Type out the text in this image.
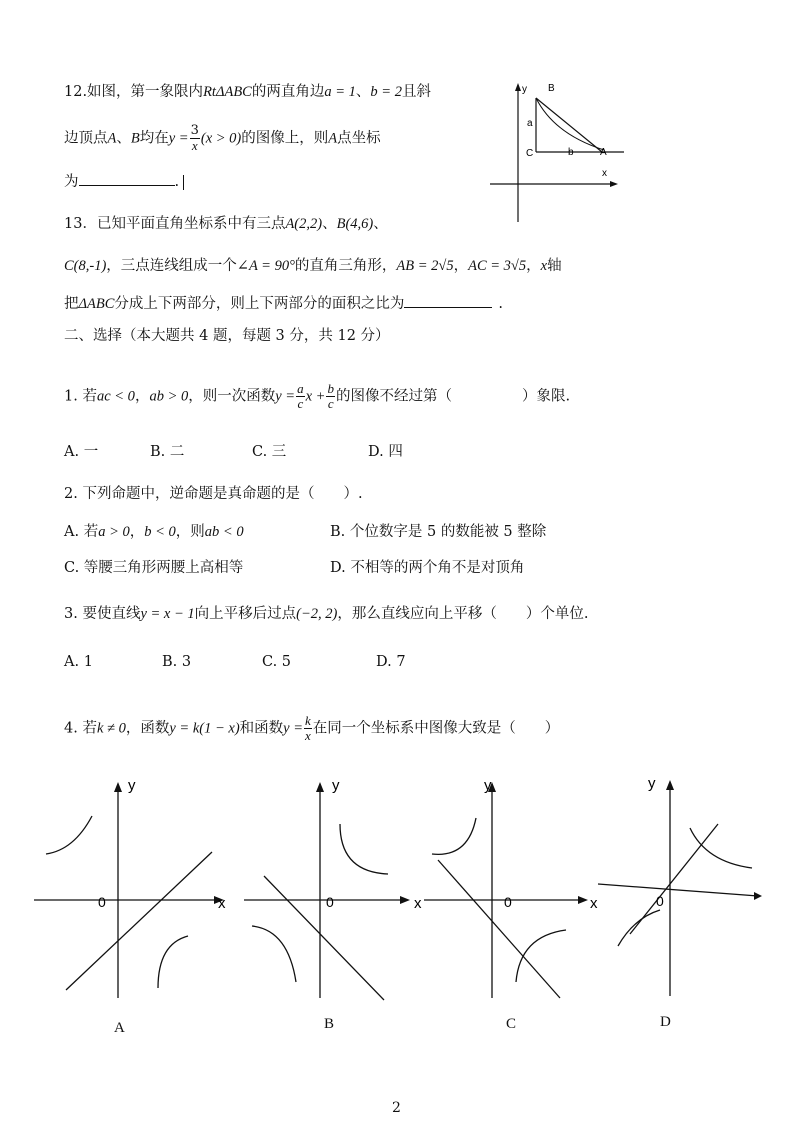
12.如图，第一象限内RtΔABC的两直角边a = 1、b = 2且斜
边顶点A、B均在$y = \frac{3}{x} (x > 0)$的图像上，则A点坐标
为	.
y B
a
C	b	A
x
13．已知平面直角坐标系中有三点A(2,2)、B(4,6)、
C(8,-1)，三点连线组成一个∠A = 90°的直角三角形，AB = 2√5，AC = 3√5，x轴
把ΔABC分成上下两部分，则上下两部分的面积之比为	.
二、选择（本大题共 4 题，每题 3 分，共 12 分）
1. 若ac < 0，ab > 0，则一次函数$y = \frac{a}{c}$ $x + \frac{b}{c}$ 的图像不经过第（	）象限.
A. 一	B. 二	C. 三	D. 四
2. 下列命题中，逆命题是真命题的是（　　）.
A. 若a > 0，b < 0，则ab < 0	B. 个位数字是 5 的数能被 5 整除
C. 等腰三角形两腰上高相等	D. 不相等的两个角不是对顶角
3. 要使直线y = x − 1向上平移后过点(−2, 2)，那么直线应向上平移（　　）个单位.
A. 1	B. 3	C. 5	D. 7
4. 若k ≠ 0，函数y = k(1 − x)和函数$y = \frac{k}{x}$ 在同一个坐标系中图像大致是（　　）
y
x
0
y
x
0
y
x
0
y
0
A	B	C	D
2
